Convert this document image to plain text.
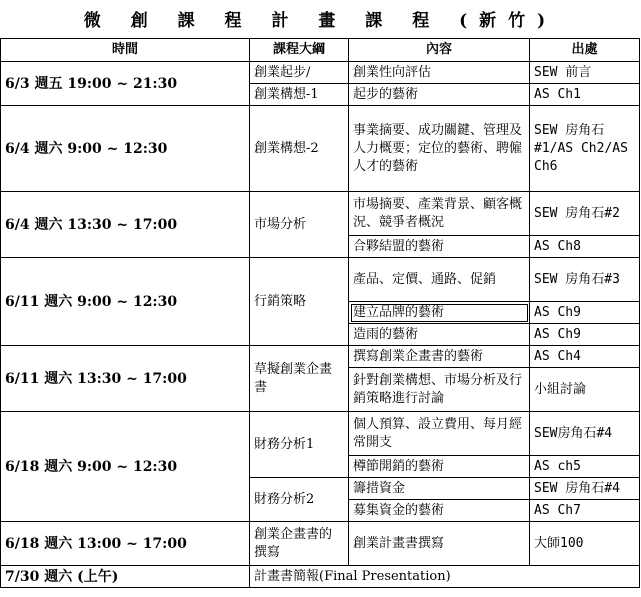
微 創 課 程 計 畫 課 程 (新竹)
時間	課程大綱	內容	出處
6/3 週五 19:00 ~ 21:30	創業起步/	創業性向評估	SEW 前言
	創業構想-1	起步的藝術	AS Ch1
6/4 週六 9:00 ~ 12:30	創業構想-2	事業摘要、成功關鍵、管理及人力概要；定位的藝術、聘僱人才的藝術	SEW 房角石#1/AS Ch2/AS Ch6
6/4 週六 13:30 ~ 17:00	市場分析	市場摘要、產業背景、顧客概況、競爭者概況	SEW 房角石#2
		合夥結盟的藝術	AS Ch8
6/11 週六 9:00 ~ 12:30	行銷策略	產品、定價、通路、促銷	SEW 房角石#3
		建立品牌的藝術	AS Ch9
		造雨的藝術	AS Ch9
6/11 週六 13:30 ~ 17:00	草擬創業企畫書	撰寫創業企畫書的藝術	AS Ch4
		針對創業構想、市場分析及行銷策略進行討論	小組討論
6/18 週六 9:00 ~ 12:30	財務分析1	個人預算、設立費用、每月經常開支	SEW房角石#4
		樽節開銷的藝術	AS ch5
	財務分析2	籌措資金	SEW 房角石#4
		募集資金的藝術	AS Ch7
6/18 週六 13:00 ~ 17:00	創業企畫書的撰寫	創業計畫書撰寫	大師100
7/30 週六 (上午)	計畫書簡報(Final Presentation)		
